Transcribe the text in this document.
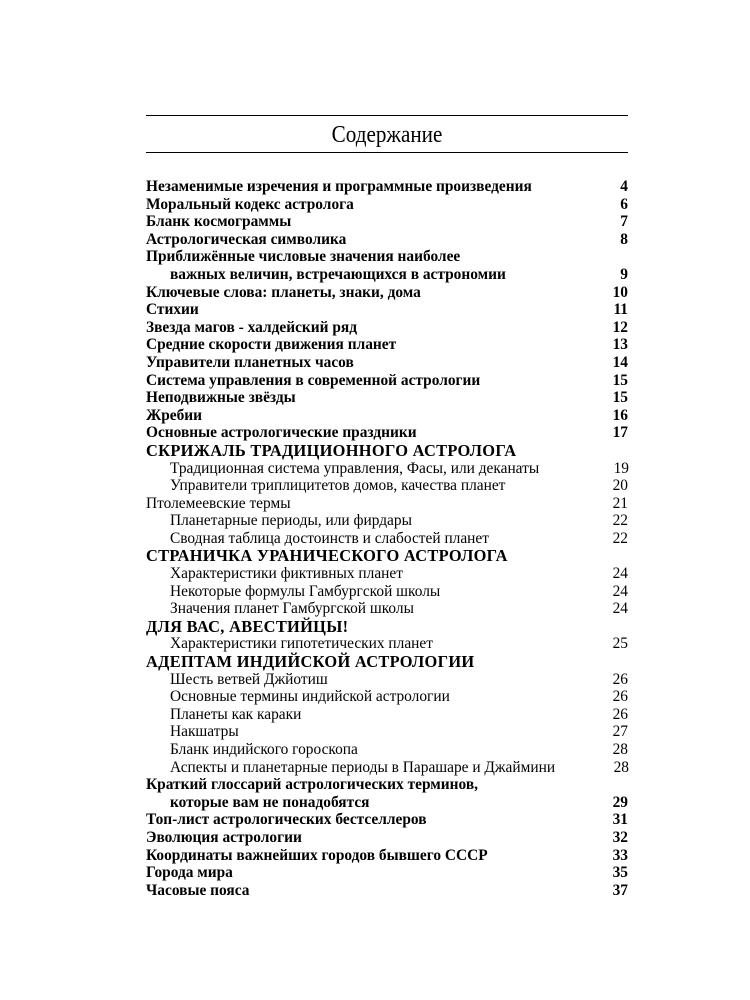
Содержание
Незаменимые изречения и программные произведения	4
Моральный кодекс астролога	6
Бланк космограммы	7
Астрологическая символика	8
Приближённые числовые значения наиболее
важных величин, встречающихся в астрономии	9
Ключевые слова: планеты, знаки, дома	10
Стихии	11
Звезда магов - халдейский ряд	12
Средние скорости движения планет	13
Управители планетных часов	14
Система управления в современной астрологии	15
Неподвижные звёзды	15
Жребии	16
Основные астрологические праздники	17
СКРИЖАЛЬ ТРАДИЦИОННОГО АСТРОЛОГА
Традиционная система управления, Фасы, или деканаты	19
Управители триплицитетов домов, качества планет	20
Птолемеевские термы	21
Планетарные периоды, или фирдары	22
Сводная таблица достоинств и слабостей планет	22
СТРАНИЧКА УРАНИЧЕСКОГО АСТРОЛОГА
Характеристики фиктивных планет	24
Некоторые формулы Гамбургской школы	24
Значения планет Гамбургской школы	24
ДЛЯ ВАС, АВЕСТИЙЦЫ!
Характеристики гипотетических планет	25
АДЕПТАМ ИНДИЙСКОЙ АСТРОЛОГИИ
Шесть ветвей Джйотиш	26
Основные термины индийской астрологии	26
Планеты как караки	26
Накшатры	27
Бланк индийского гороскопа	28
Аспекты и планетарные периоды в Парашаре и Джаймини	28
Краткий глоссарий астрологических терминов,
которые вам не понадобятся	29
Топ-лист астрологических бестселлеров	31
Эволюция астрологии	32
Координаты важнейших городов бывшего СССР	33
Города мира	35
Часовые пояса	37
